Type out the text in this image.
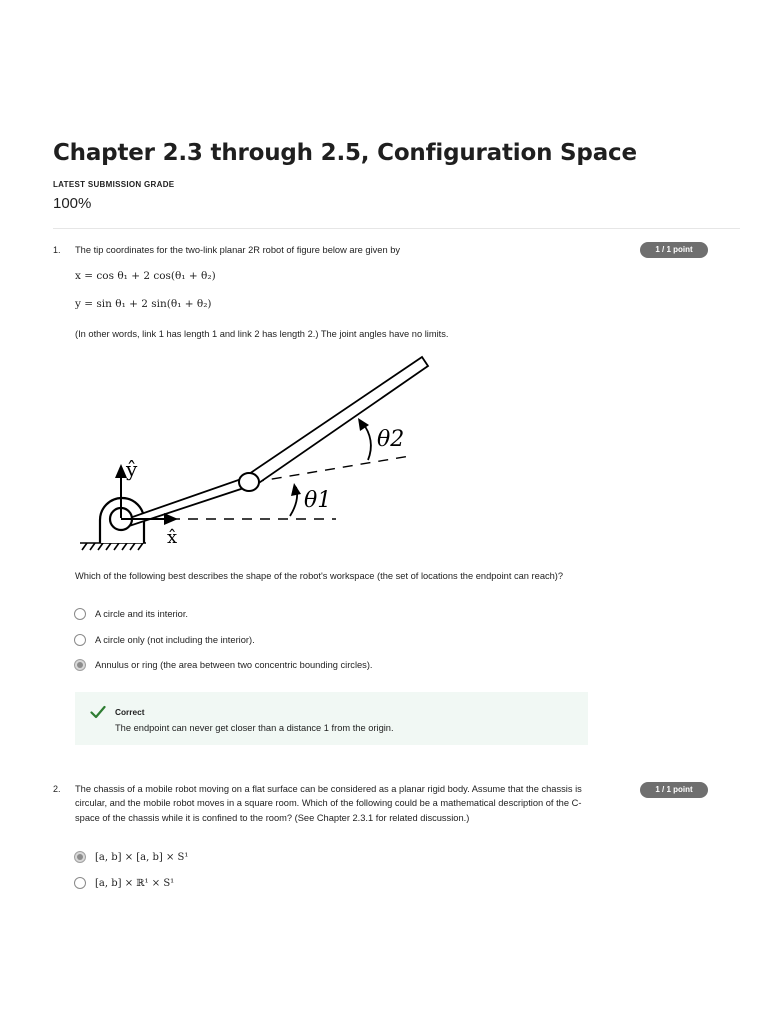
Chapter 2.3 through 2.5, Configuration Space
LATEST SUBMISSION GRADE
100%
1. The tip coordinates for the two-link planar 2R robot of figure below are given by	1 / 1 point
x = cos θ₁ + 2 cos(θ₁ + θ₂)
y = sin θ₁ + 2 sin(θ₁ + θ₂)
(In other words, link 1 has length 1 and link 2 has length 2.) The joint angles have no limits.
ŷ
x̂
θ1
θ2
Which of the following best describes the shape of the robot's workspace (the set of locations the endpoint can reach)?
A circle and its interior.
A circle only (not including the interior).
Annulus or ring (the area between two concentric bounding circles).
Correct
The endpoint can never get closer than a distance 1 from the origin.
2. The chassis of a mobile robot moving on a flat surface can be considered as a planar rigid body. Assume that the chassis is circular, and the mobile robot moves in a square room. Which of the following could be a mathematical description of the C-space of the chassis while it is confined to the room? (See Chapter 2.3.1 for related discussion.)
1 / 1 point
[a, b] × [a, b] × S¹
[a, b] × ℝ¹ × S¹
